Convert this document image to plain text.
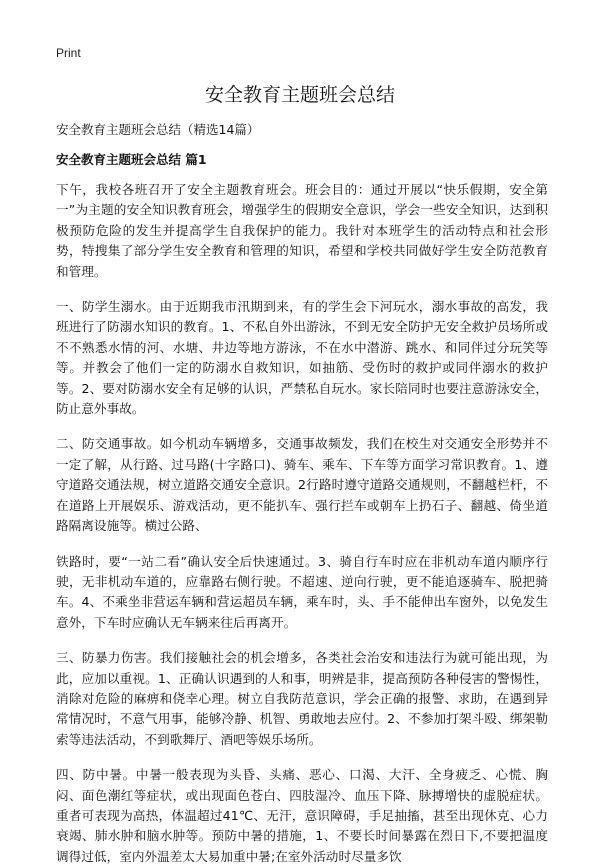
Print
安全教育主题班会总结
安全教育主题班会总结（精选14篇）
安全教育主题班会总结 篇1

下午，我校各班召开了安全主题教育班会。班会目的：通过开展以“快乐假期，安全第一”为主题的安全知识教育班会，增强学生的假期安全意识，学会一些安全知识，达到积极预防危险的发生并提高学生自我保护的能力。我针对本班学生的活动特点和社会形势，特搜集了部分学生安全教育和管理的知识，希望和学校共同做好学生安全防范教育和管理。

一、防学生溺水。由于近期我市汛期到来，有的学生会下河玩水，溺水事故的高发，我班进行了防溺水知识的教育。1、不私自外出游泳，不到无安全防护无安全救护员场所或不不熟悉水情的河、水塘、井边等地方游泳，不在水中潜游、跳水、和同伴过分玩笑等等。并教会了他们一定的防溺水自救知识，如抽筋、受伤时的救护或同伴溺水的救护等。2、要对防溺水安全有足够的认识，严禁私自玩水。家长陪同时也要注意游泳安全，防止意外事故。

二、防交通事故。如今机动车辆增多，交通事故频发，我们在校生对交通安全形势并不一定了解，从行路、过马路(十字路口)、骑车、乘车、下车等方面学习常识教育。1、遵守道路交通法规，树立道路交通安全意识。2行路时遵守道路交通规则，不翻越栏杆，不在道路上开展娱乐、游戏活动，更不能扒车、强行拦车或朝车上扔石子、翻越、倚坐道路隔离设施等。横过公路、

铁路时，要“一站二看”确认安全后快速通过。3、骑自行车时应在非机动车道内顺序行驶，无非机动车道的，应靠路右侧行驶。不超速、逆向行驶，更不能追逐骑车、脱把骑车。4、不乘坐非营运车辆和营运超员车辆，乘车时，头、手不能伸出车窗外，以免发生意外，下车时应确认无车辆来往后再离开。

三、防暴力伤害。我们接触社会的机会增多，各类社会治安和违法行为就可能出现，为此，应加以重视。1、正确认识遇到的人和事，明辨是非，提高预防各种侵害的警惕性，消除对危险的麻痹和侥幸心理。树立自我防范意识，学会正确的报警、求助，在遇到异常情况时，不意气用事，能够冷静、机智、勇敢地去应付。2、不参加打架斗殴、绑架勒索等违法活动，不到歌舞厅、酒吧等娱乐场所。

四、防中暑。中暑一般表现为头昏、头痛、恶心、口渴、大汗、全身疲乏、心慌、胸闷、面色潮红等症状，或出现面色苍白、四肢湿冷、血压下降、脉搏增快的虚脱症状。重者可表现为高热，体温超过41℃、无汗，意识障碍，手足抽搐，甚至出现休克、心力衰竭、肺水肿和脑水肿等。预防中暑的措施，1、不要长时间暴露在烈日下,不要把温度调得过低，室内外温差太大易加重中暑;在室外活动时尽量多饮
